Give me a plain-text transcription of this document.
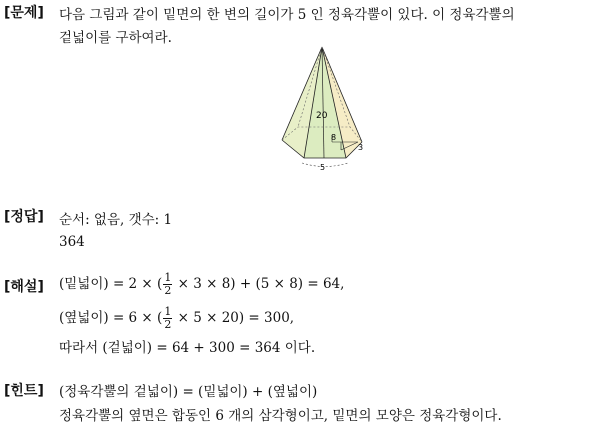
[문제] 다음 그림과 같이 밑면의 한 변의 길이가 5 인 정육각뿔이 있다. 이 정육각뿔의
겉넓이를 구하여라.
20
8
3
5
[정답] 순서: 없음, 갯수: 1
364
[해설] (밑넓이) = 2 × ( $\frac{1}{2} \times 3 \times 8) + (5 \times 8) = 64$,
(옆넓이) = 6 × ( $\frac{1}{2} \times 5 \times 20) = 300$,
따라서 (겉넓이) = 64 + 300 = 364 이다.
[힌트] (정육각뿔의 겉넓이) = (밑넓이) + (옆넓이)
정육각뿔의 옆면은 합동인 6 개의 삼각형이고, 밑면의 모양은 정육각형이다.
